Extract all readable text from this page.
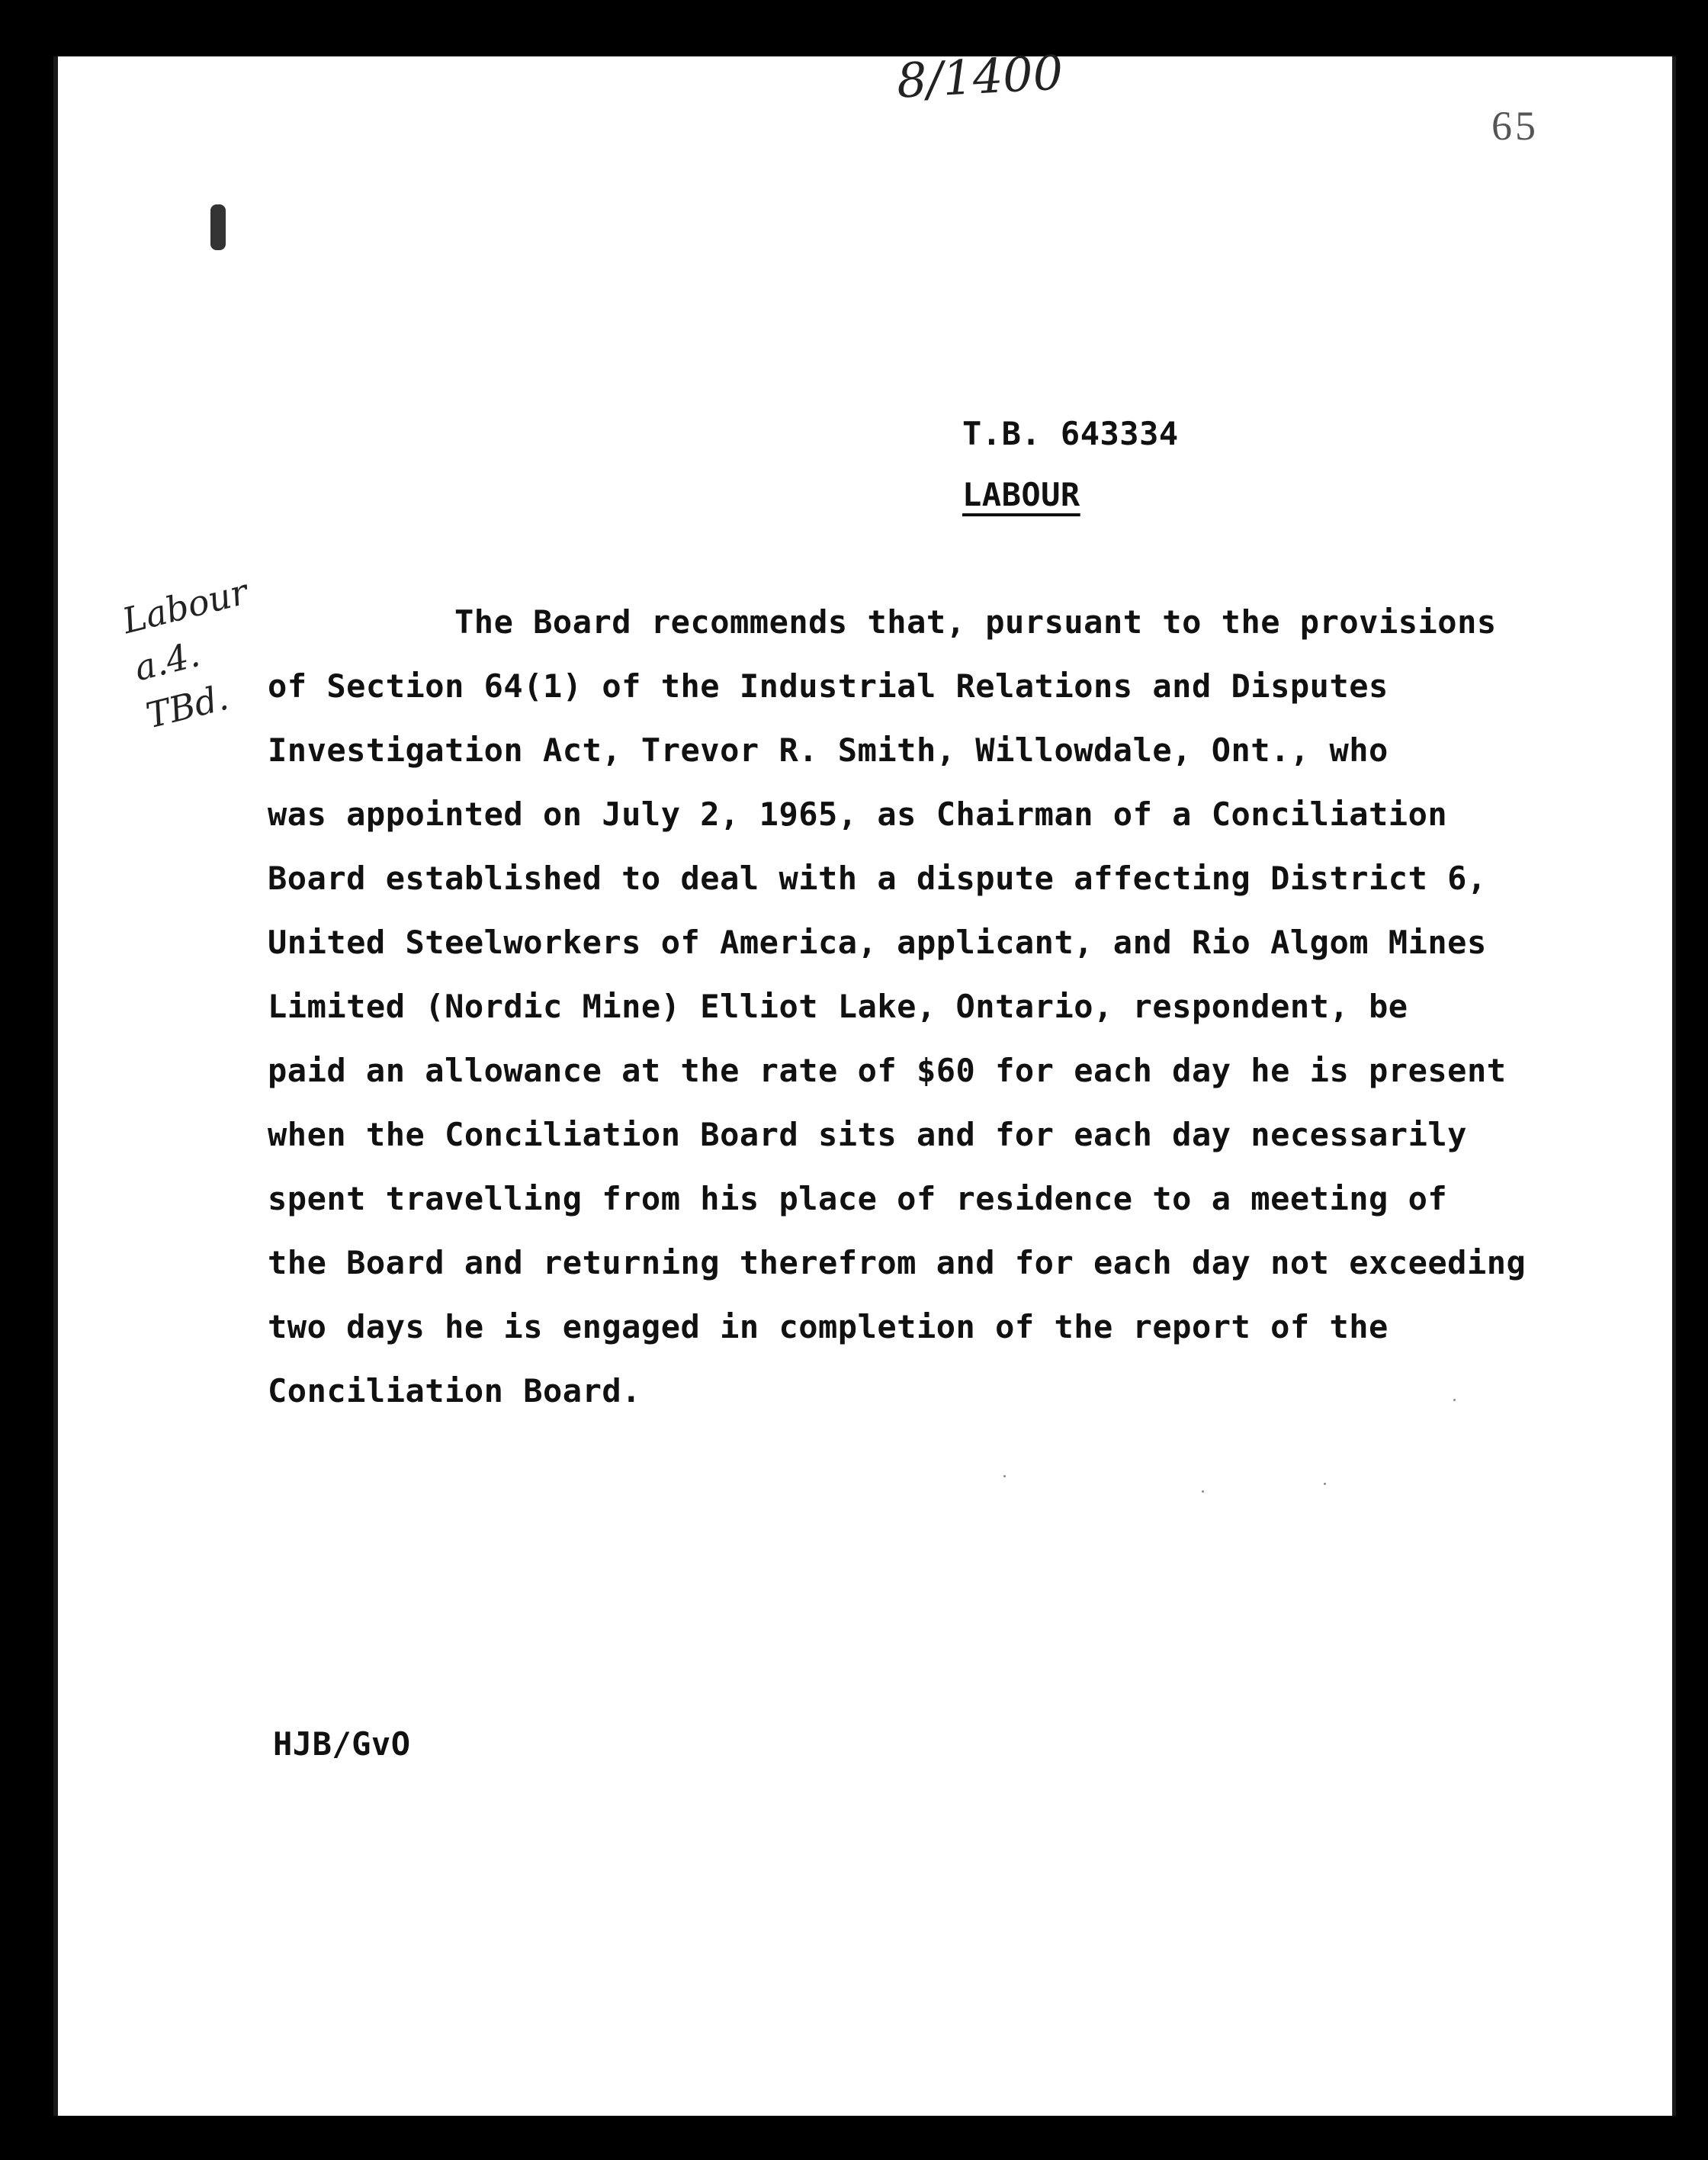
8/1400
65
Labour
a.4.
TBd.
T.B. 643334
LABOUR
The Board recommends that, pursuant to the provisions
of Section 64(1) of the Industrial Relations and Disputes
Investigation Act, Trevor R. Smith, Willowdale, Ont., who
was appointed on July 2, 1965, as Chairman of a Conciliation
Board established to deal with a dispute affecting District 6,
United Steelworkers of America, applicant, and Rio Algom Mines
Limited (Nordic Mine) Elliot Lake, Ontario, respondent, be
paid an allowance at the rate of $60 for each day he is present
when the Conciliation Board sits and for each day necessarily
spent travelling from his place of residence to a meeting of
the Board and returning therefrom and for each day not exceeding
two days he is engaged in completion of the report of the
Conciliation Board.
HJB/GvO
